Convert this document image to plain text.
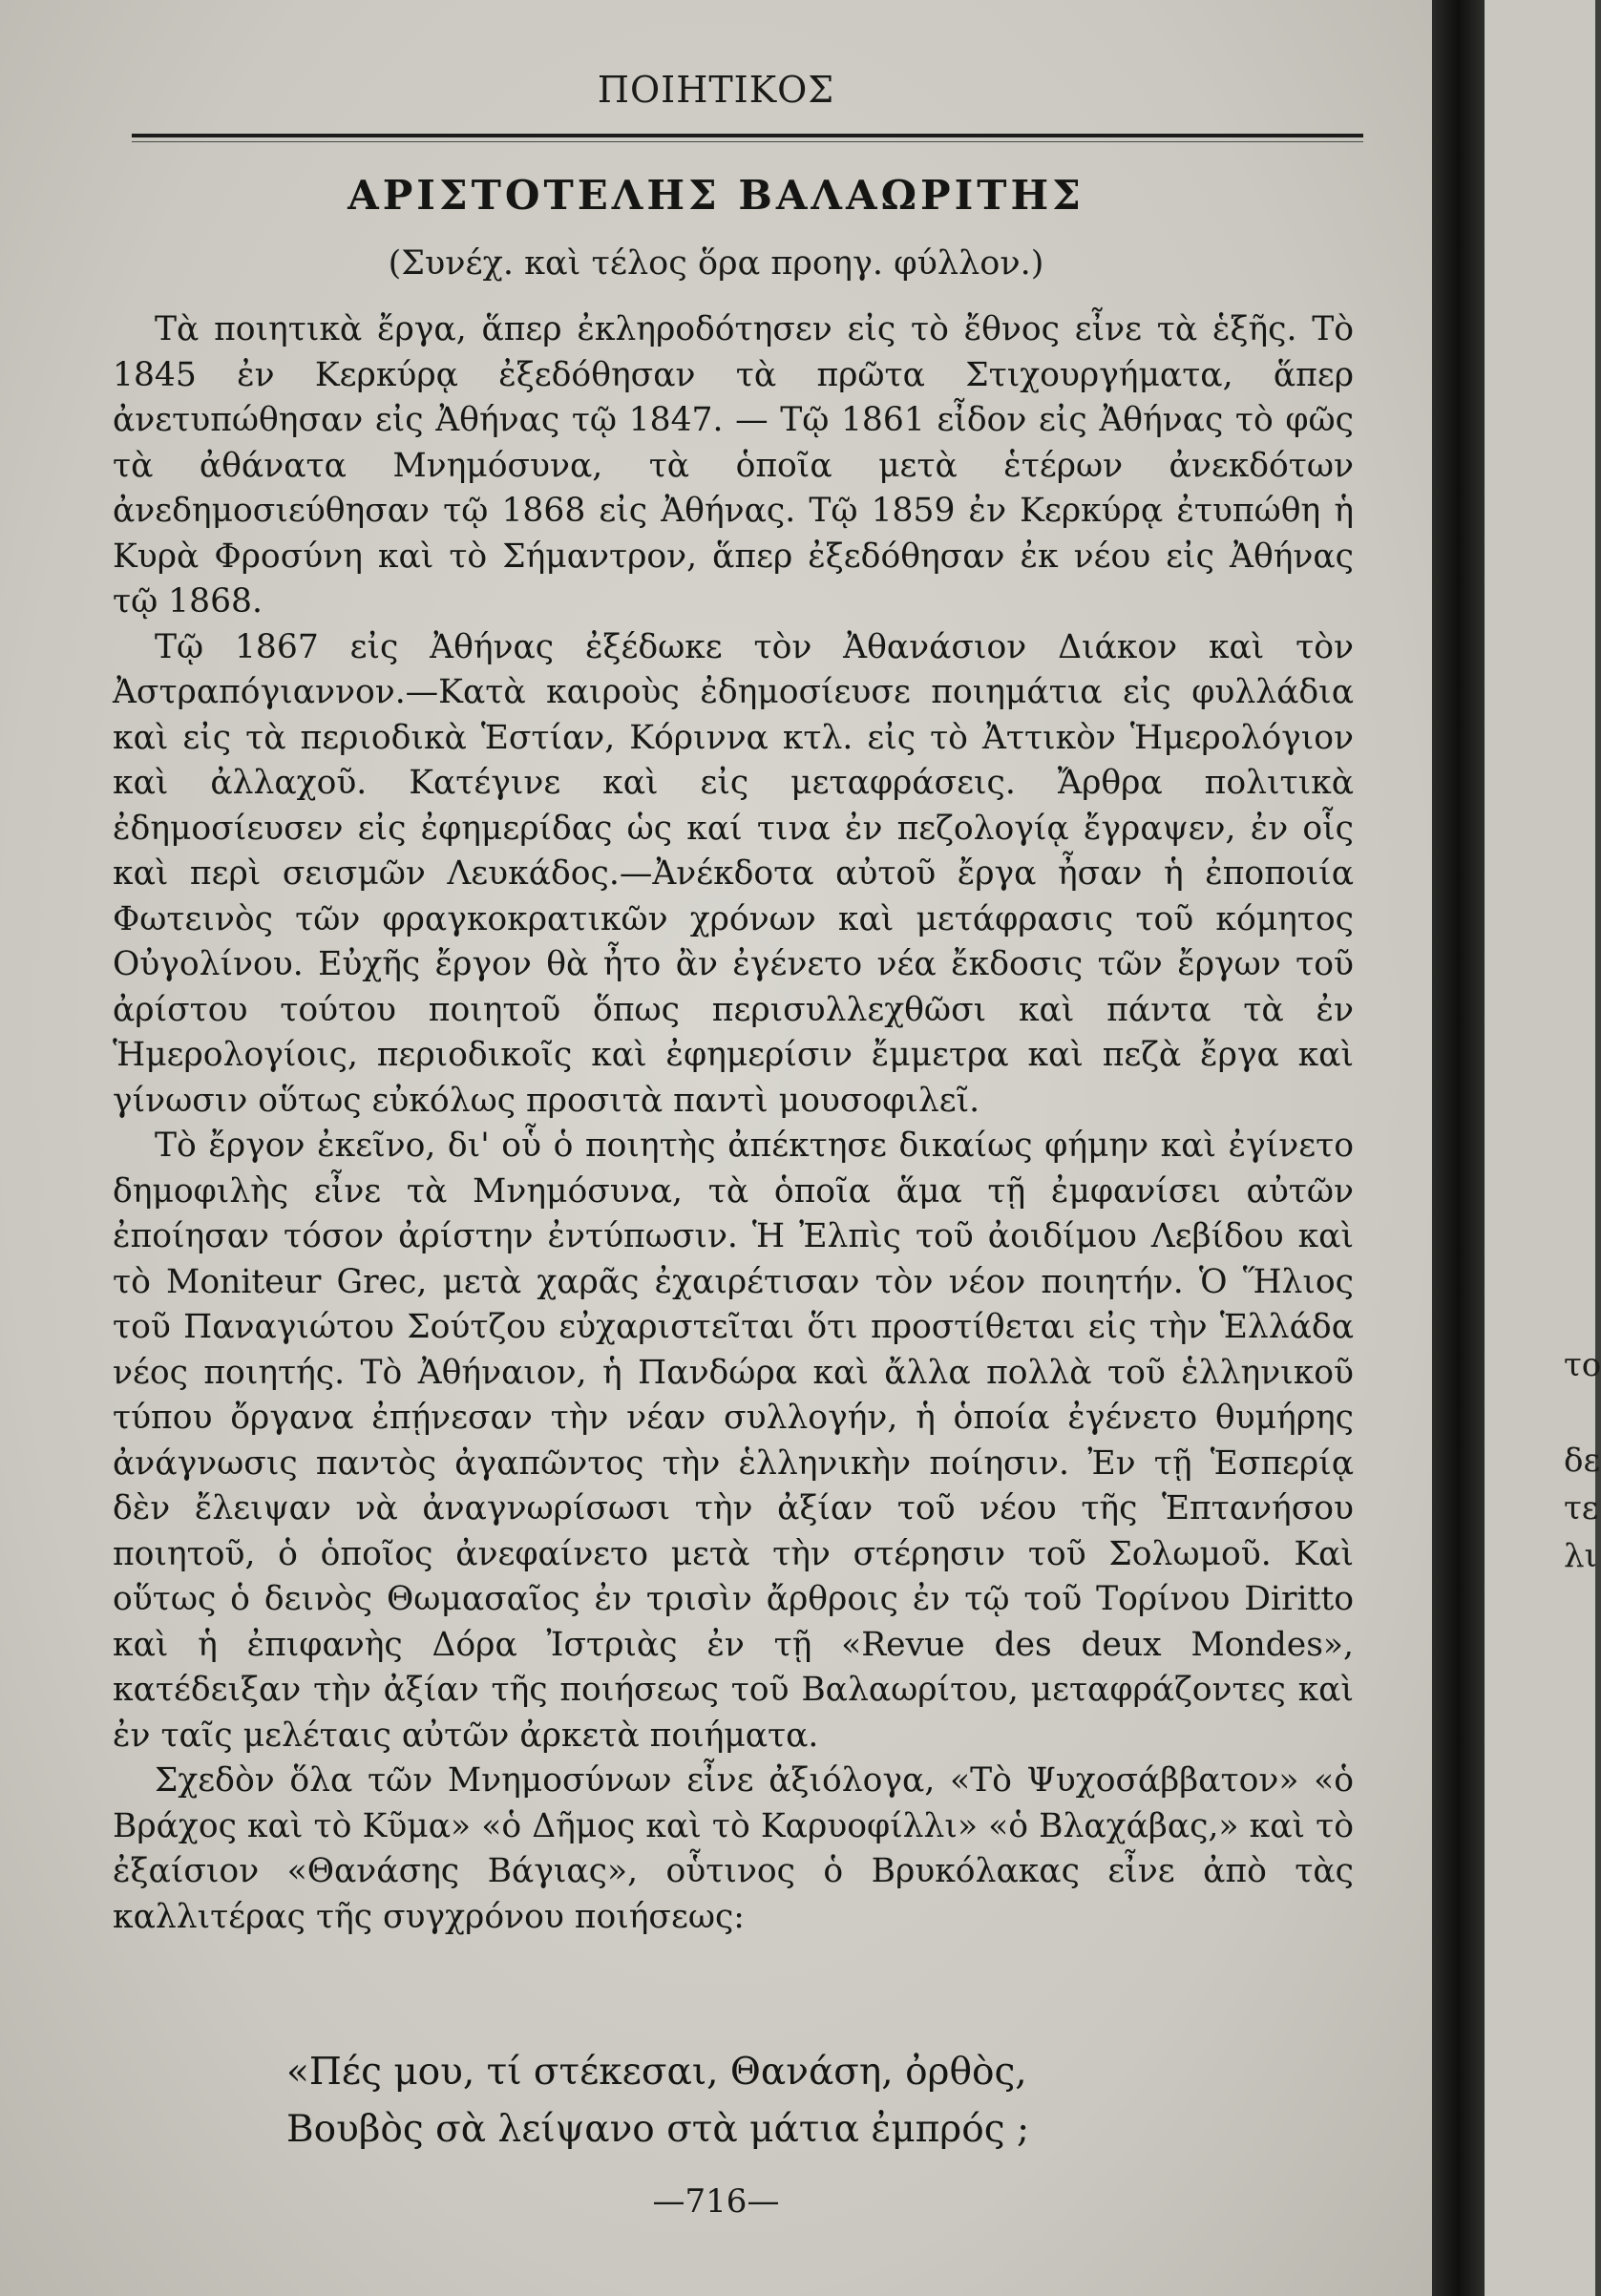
ΠΟΙΗΤΙΚΟΣ
ΑΡΙΣΤΟΤΕΛΗΣ ΒΑΛΑΩΡΙΤΗΣ
(Συνέχ. καὶ τέλος ὅρα προηγ. φύλλον.)

Τὰ ποιητικὰ ἔργα, ἅπερ ἐκληροδότησεν εἰς τὸ ἔθνος εἶνε τὰ ἑξῆς. Τὸ 1845 ἐν Κερκύρᾳ ἐξεδόθησαν τὰ πρῶτα Στιχουργήματα, ἅπερ ἀνετυπώθησαν εἰς Ἀθήνας τῷ 1847. — Τῷ 1861 εἶδον εἰς Ἀθήνας τὸ φῶς τὰ ἀθάνατα Μνημόσυνα, τὰ ὁποῖα μετὰ ἑτέρων ἀνεκδότων ἀνεδημοσιεύθησαν τῷ 1868 εἰς Ἀθήνας. Τῷ 1859 ἐν Κερκύρᾳ ἐτυπώθη ἡ Κυρὰ Φροσύνη καὶ τὸ Σήμαντρον, ἅπερ ἐξεδόθησαν ἐκ νέου εἰς Ἀθήνας τῷ 1868.

Τῷ 1867 εἰς Ἀθήνας ἐξέδωκε τὸν Ἀθανάσιον Διάκον καὶ τὸν Ἀστραπόγιαννον.—Κατὰ καιροὺς ἐδημοσίευσε ποιημάτια εἰς φυλλάδια καὶ εἰς τὰ περιοδικὰ Ἑστίαν, Κόριννα κτλ. εἰς τὸ Ἀττικὸν Ἡμερολόγιον καὶ ἀλλαχοῦ. Κατέγινε καὶ εἰς μεταφράσεις. Ἄρθρα πολιτικὰ ἐδημοσίευσεν εἰς ἐφημερίδας ὡς καί τινα ἐν πεζολογίᾳ ἔγραψεν, ἐν οἷς καὶ περὶ σεισμῶν Λευκάδος.—Ἀνέκδοτα αὐτοῦ ἔργα ἦσαν ἡ ἐποποιία Φωτεινὸς τῶν φραγκοκρατικῶν χρόνων καὶ μετάφρασις τοῦ κόμητος Οὐγολίνου. Εὐχῆς ἔργον θὰ ἦτο ἂν ἐγένετο νέα ἔκδοσις τῶν ἔργων τοῦ ἀρίστου τούτου ποιητοῦ ὅπως περισυλλεχθῶσι καὶ πάντα τὰ ἐν Ἡμερολογίοις, περιοδικοῖς καὶ ἐφημερίσιν ἔμμετρα καὶ πεζὰ ἔργα καὶ γίνωσιν οὕτως εὐκόλως προσιτὰ παντὶ μουσοφιλεῖ.

Τὸ ἔργον ἐκεῖνο, δι' οὗ ὁ ποιητὴς ἀπέκτησε δικαίως φήμην καὶ ἐγίνετο δημοφιλὴς εἶνε τὰ Μνημόσυνα, τὰ ὁποῖα ἅμα τῇ ἐμφανίσει αὐτῶν ἐποίησαν τόσον ἀρίστην ἐντύπωσιν. Ἡ Ἐλπὶς τοῦ ἀοιδίμου Λεβίδου καὶ τὸ Moniteur Grec, μετὰ χαρᾶς ἐχαιρέτισαν τὸν νέον ποιητήν. Ὁ Ἥλιος τοῦ Παναγιώτου Σούτζου εὐχαριστεῖται ὅτι προστίθεται εἰς τὴν Ἑλλάδα νέος ποιητής. Τὸ Ἀθήναιον, ἡ Πανδώρα καὶ ἄλλα πολλὰ τοῦ ἑλληνικοῦ τύπου ὄργανα ἐπῄνεσαν τὴν νέαν συλλογήν, ἡ ὁποία ἐγένετο θυμήρης ἀνάγνωσις παντὸς ἀγαπῶντος τὴν ἑλληνικὴν ποίησιν. Ἐν τῇ Ἑσπερίᾳ δὲν ἔλειψαν νὰ ἀναγνωρίσωσι τὴν ἀξίαν τοῦ νέου τῆς Ἑπτανήσου ποιητοῦ, ὁ ὁποῖος ἀνεφαίνετο μετὰ τὴν στέρησιν τοῦ Σολωμοῦ. Καὶ οὕτως ὁ δεινὸς Θωμασαῖος ἐν τρισὶν ἄρθροις ἐν τῷ τοῦ Τορίνου Diritto καὶ ἡ ἐπιφανὴς Δόρα Ἰστριὰς ἐν τῇ «Revue des deux Mondes», κατέδειξαν τὴν ἀξίαν τῆς ποιήσεως τοῦ Βαλαωρίτου, μεταφράζοντες καὶ ἐν ταῖς μελέταις αὐτῶν ἀρκετὰ ποιήματα.

Σχεδὸν ὅλα τῶν Μνημοσύνων εἶνε ἀξιόλογα, «Τὸ Ψυχοσάββατον» «ὁ Βράχος καὶ τὸ Κῦμα» «ὁ Δῆμος καὶ τὸ Καρυοφίλλι» «ὁ Βλαχάβας,» καὶ τὸ ἐξαίσιον «Θανάσης Βάγιας», οὗτινος ὁ Βρυκόλακας εἶνε ἀπὸ τὰς καλλιτέρας τῆς συγχρόνου ποιήσεως:

«Πές μου, τί στέκεσαι, Θανάση, ὀρθὸς,
Βουβὸς σὰ λείψανο στὰ μάτια ἐμπρός ;
—716—
το
δε
τε
λι
